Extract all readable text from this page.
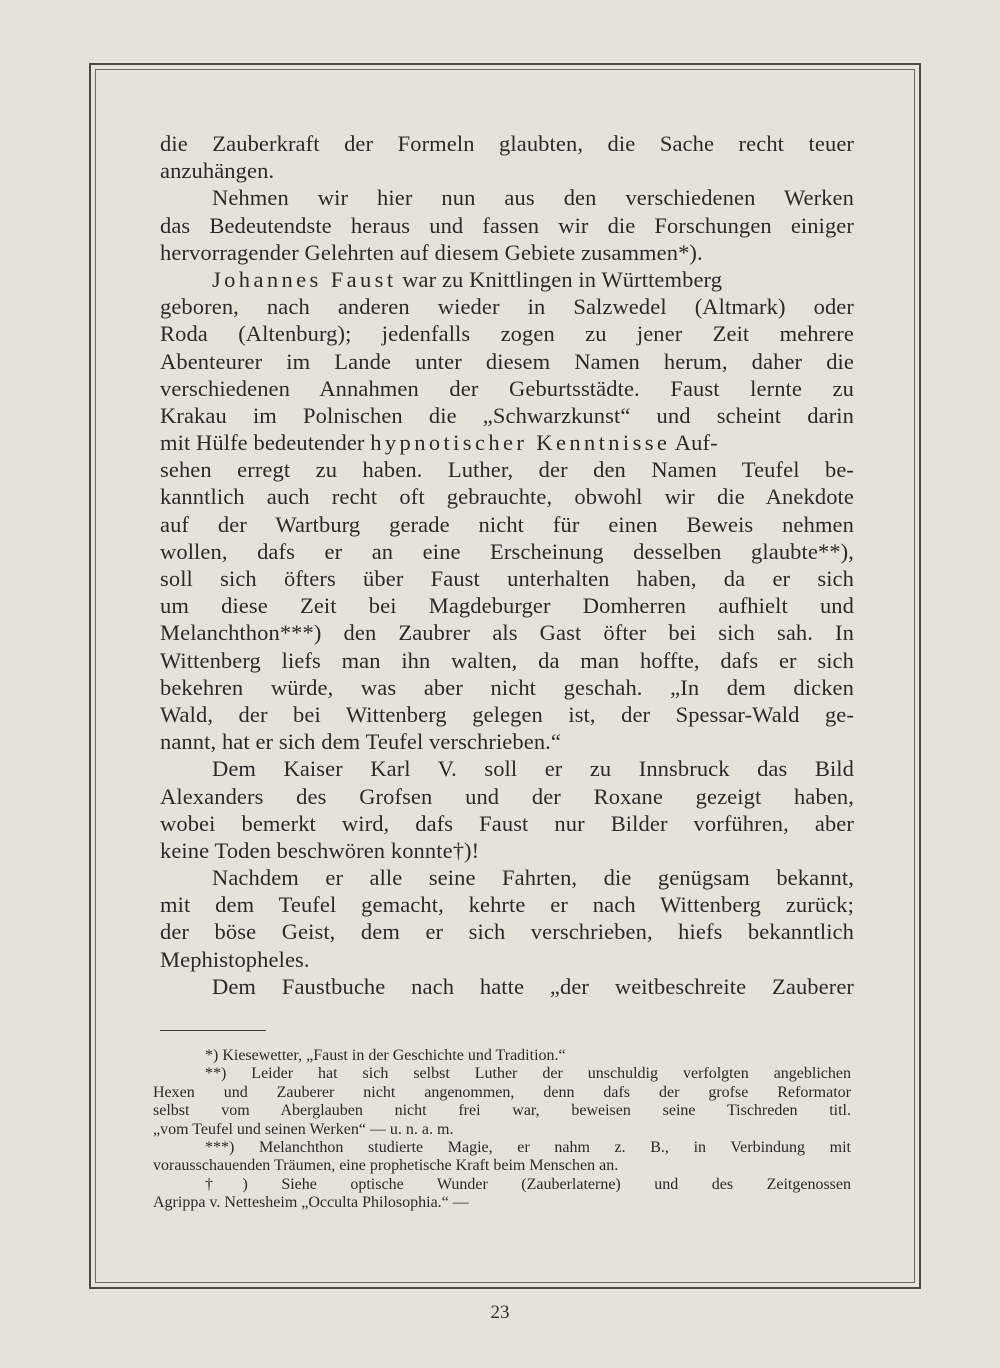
die Zauberkraft der Formeln glaubten, die Sache recht teuer
anzuhängen.
Nehmen wir hier nun aus den verschiedenen Werken
das Bedeutendste heraus und fassen wir die Forschungen einiger
hervorragender Gelehrten auf diesem Gebiete zusammen*).
Johannes Faust war zu Knittlingen in Württemberg
geboren, nach anderen wieder in Salzwedel (Altmark) oder
Roda (Altenburg); jedenfalls zogen zu jener Zeit mehrere
Abenteurer im Lande unter diesem Namen herum, daher die
verschiedenen Annahmen der Geburtsstädte. Faust lernte zu
Krakau im Polnischen die „Schwarzkunst“ und scheint darin
mit Hülfe bedeutender hypnotischer Kenntnisse Auf-
sehen erregt zu haben. Luther, der den Namen Teufel be-
kanntlich auch recht oft gebrauchte, obwohl wir die Anekdote
auf der Wartburg gerade nicht für einen Beweis nehmen
wollen, dafs er an eine Erscheinung desselben glaubte**),
soll sich öfters über Faust unterhalten haben, da er sich
um diese Zeit bei Magdeburger Domherren aufhielt und
Melanchthon***) den Zaubrer als Gast öfter bei sich sah. In
Wittenberg liefs man ihn walten, da man hoffte, dafs er sich
bekehren würde, was aber nicht geschah. „In dem dicken
Wald, der bei Wittenberg gelegen ist, der Spessar-Wald ge-
nannt, hat er sich dem Teufel verschrieben.“
Dem Kaiser Karl V. soll er zu Innsbruck das Bild
Alexanders des Grofsen und der Roxane gezeigt haben,
wobei bemerkt wird, dafs Faust nur Bilder vorführen, aber
keine Toden beschwören konnte†)!
Nachdem er alle seine Fahrten, die genügsam bekannt,
mit dem Teufel gemacht, kehrte er nach Wittenberg zurück;
der böse Geist, dem er sich verschrieben, hiefs bekanntlich
Mephistopheles.
Dem Faustbuche nach hatte „der weitbeschreite Zauberer
*) Kiesewetter, „Faust in der Geschichte und Tradition.“
**) Leider hat sich selbst Luther der unschuldig verfolgten angeblichen
Hexen und Zauberer nicht angenommen, denn dafs der grofse Reformator
selbst vom Aberglauben nicht frei war, beweisen seine Tischreden titl.
„vom Teufel und seinen Werken“ — u. n. a. m.
***) Melanchthon studierte Magie, er nahm z. B., in Verbindung mit
vorausschauenden Träumen, eine prophetische Kraft beim Menschen an.
†) Siehe optische Wunder (Zauberlaterne) und des Zeitgenossen
Agrippa v. Nettesheim „Occulta Philosophia.“ —
23
